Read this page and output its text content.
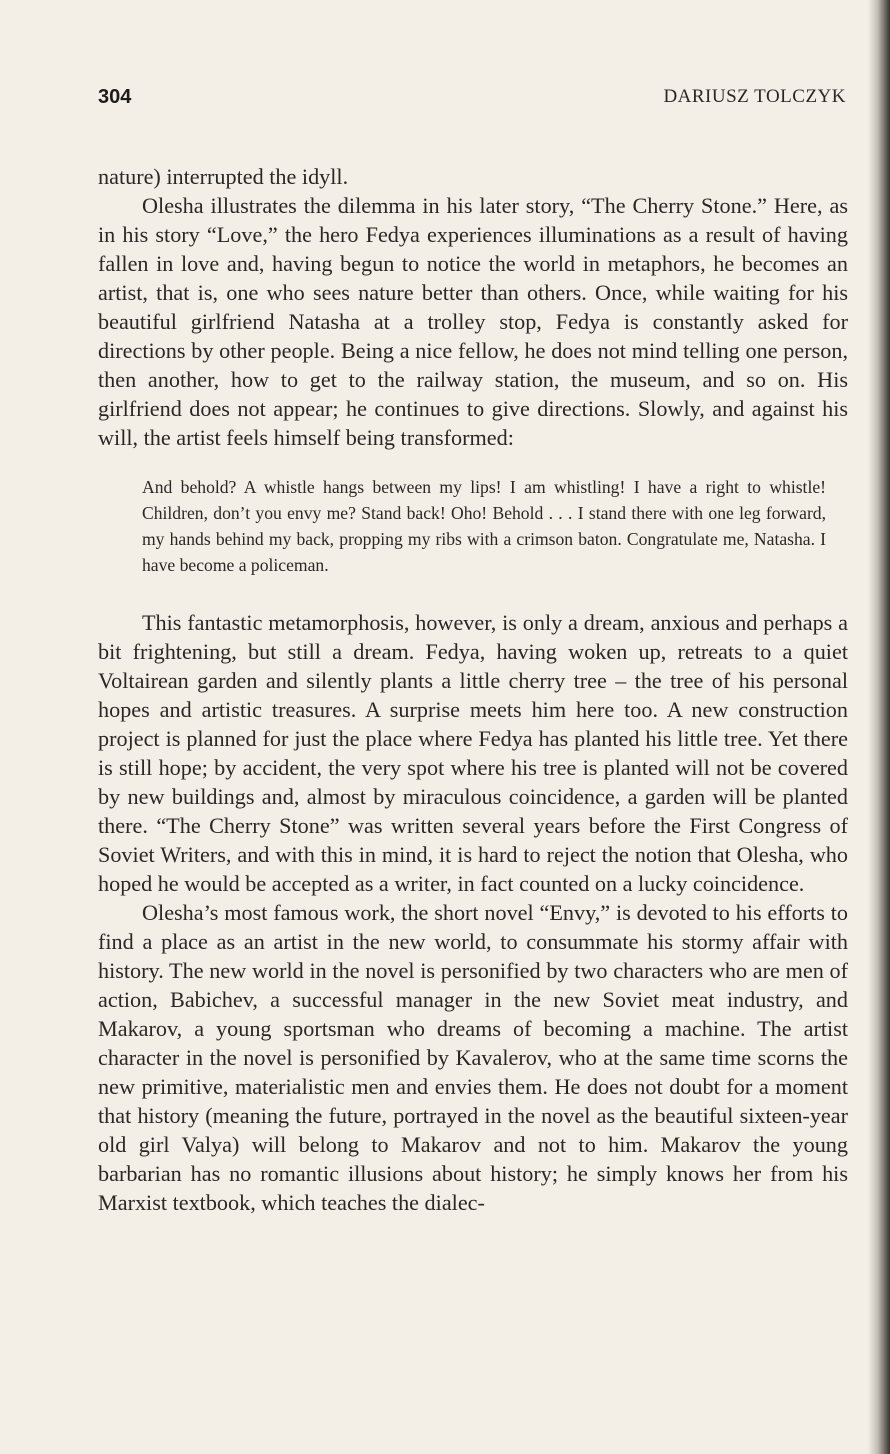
304	DARIUSZ TOLCZYK

nature) interrupted the idyll.

Olesha illustrates the dilemma in his later story, “The Cherry Stone.” Here, as in his story “Love,” the hero Fedya experiences illuminations as a result of having fallen in love and, having begun to notice the world in metaphors, he becomes an artist, that is, one who sees nature better than others. Once, while waiting for his beautiful girlfriend Natasha at a trolley stop, Fedya is constantly asked for directions by other people. Being a nice fellow, he does not mind telling one person, then another, how to get to the railway station, the museum, and so on. His girlfriend does not appear; he continues to give directions. Slowly, and against his will, the artist feels himself being transformed:

And behold? A whistle hangs between my lips! I am whistling! I have a right to whistle! Children, don’t you envy me? Stand back! Oho! Behold . . . I stand there with one leg forward, my hands behind my back, propping my ribs with a crimson baton. Congratulate me, Natasha. I have become a policeman.

This fantastic metamorphosis, however, is only a dream, anxious and perhaps a bit frightening, but still a dream. Fedya, having woken up, retreats to a quiet Voltairean garden and silently plants a little cherry tree – the tree of his personal hopes and artistic treasures. A surprise meets him here too. A new construction project is planned for just the place where Fedya has planted his little tree. Yet there is still hope; by accident, the very spot where his tree is planted will not be covered by new buildings and, almost by miraculous coincidence, a garden will be planted there. “The Cherry Stone” was written several years before the First Congress of Soviet Writers, and with this in mind, it is hard to reject the notion that Olesha, who hoped he would be accepted as a writer, in fact counted on a lucky coincidence.

Olesha’s most famous work, the short novel “Envy,” is devoted to his efforts to find a place as an artist in the new world, to consummate his stormy affair with history. The new world in the novel is personified by two characters who are men of action, Babichev, a successful manager in the new Soviet meat industry, and Makarov, a young sportsman who dreams of becoming a machine. The artist character in the novel is personified by Kavalerov, who at the same time scorns the new primitive, materialistic men and envies them. He does not doubt for a moment that history (meaning the future, portrayed in the novel as the beautiful sixteen-year old girl Valya) will belong to Makarov and not to him. Makarov the young barbarian has no romantic illusions about history; he simply knows her from his Marxist textbook, which teaches the dialec-
